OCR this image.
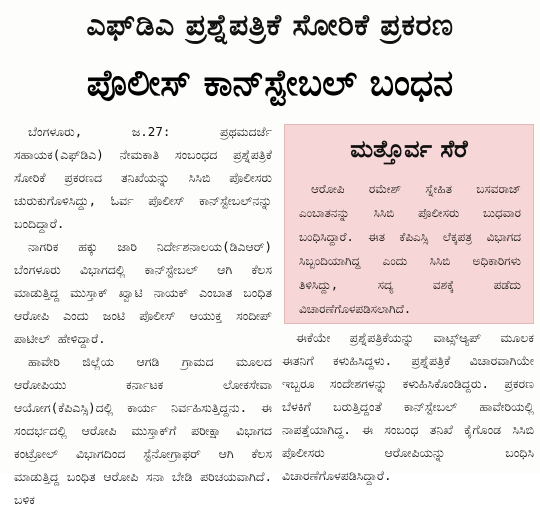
ಎಫ್‌ಡಿಎ ಪ್ರಶ್ನೆಪತ್ರಿಕೆ ಸೋರಿಕೆ ಪ್ರಕರಣ
ಪೊಲೀಸ್ ಕಾನ್‌ಸ್ಟೇಬಲ್ ಬಂಧನ

ಬೆಂಗಳೂರು, ಜ.27: ಪ್ರಥಮದರ್ಜೆ ಸಹಾಯಕ(ಎಫ್‌ಡಿಎ) ನೇಮಕಾತಿ ಸಂಬಂಧದ ಪ್ರಶ್ನೆಪತ್ರಿಕೆ ಸೋರಿಕೆ ಪ್ರಕರಣದ ತನಿಖೆಯನ್ನು ಸಿಸಿಬಿ ಪೊಲೀಸರು ಚುರುಕುಗೊಳಿಸಿದ್ದು, ಓರ್ವ ಪೊಲೀಸ್ ಕಾನ್‌ಸ್ಟೇಬಲ್‌ನನ್ನು ಬಂದಿದ್ದಾರೆ.

ನಾಗರಿಕ ಹಕ್ಕು ಜಾರಿ ನಿರ್ದೇಶನಾಲಯ(ಡಿಎಆರ್) ಬೆಂಗಳೂರು ವಿಭಾಗದಲ್ಲಿ ಕಾನ್‌ಸ್ಟೇಬಲ್ ಆಗಿ ಕೆಲಸ ಮಾಡುತ್ತಿದ್ದ ಮುಸ್ತಾಕ್ ಖ್ವಾಟಿ ನಾಯಕ್ ಎಂಬಾತ ಬಂಧಿತ ಆರೋಪಿ ಎಂದು ಜಂಟಿ ಪೊಲೀಸ್ ಆಯುಕ್ತ ಸಂದೀಪ್ ಪಾಟೀಲ್ ಹೇಳಿದ್ದಾರೆ.

ಹಾವೇರಿ ಜಿಲ್ಲೆಯ ಆಗಡಿ ಗ್ರಾಮದ ಮೂಲದ ಆರೋಪಿಯು ಕರ್ನಾಟಕ ಲೋಕಸೇವಾ ಆಯೋಗ(ಕೆಪಿಎಸ್ಸಿ)ದಲ್ಲಿ ಕಾರ್ಯ ನಿರ್ವಹಿಸುತ್ತಿದ್ದನು. ಈ ಸಂದರ್ಭದಲ್ಲಿ ಆರೋಪಿ ಮುಸ್ತಾಕ್‌ಗೆ ಪರೀಕ್ಷಾ ವಿಭಾಗದ ಕಂಟ್ರೋಲ್ ವಿಭಾಗದಿಂದ ಸ್ಟೆನೋಗ್ರಾಫರ್ ಆಗಿ ಕೆಲಸ ಮಾಡುತ್ತಿದ್ದ ಬಂಧಿತ ಆರೋಪಿ ಸನಾ ಬೇಡಿ ಪರಿಚಯವಾಗಿದೆ. ಬಳಿಕ

ಮತ್ತೊರ್ವ ಸೆರೆ
ಆರೋಪಿ ರಮೇಶ್ ಸ್ನೇಹಿತ ಬಸವರಾಜ್ ಎಂಬಾತನನ್ನು ಸಿಸಿಬಿ ಪೊಲೀಸರು ಬುಧವಾರ ಬಂಧಿಸಿದ್ದಾರೆ. ಈತ ಕೆಪಿಎಸ್ಸಿ ಲೆಕ್ಕಪತ್ರ ವಿಭಾಗದ ಸಿಬ್ಬಂದಿಯಾಗಿದ್ದ ಎಂದು ಸಿಸಿಬಿ ಅಧಿಕಾರಿಗಳು ತಿಳಿಸಿದ್ದು, ಸದ್ಯ ವಶಕ್ಕೆ ಪಡೆದು ವಿಚಾರಣೆಗೊಳಪಡಿಸಲಾಗಿದೆ.
ಈಕೆಯೇ ಪ್ರಶ್ನೆಪತ್ರಿಕೆಯನ್ನು ವಾಟ್ಸ್‌ಆ್ಯಪ್ ಮೂಲಕ ಈತನಿಗೆ ಕಳುಹಿಸಿದ್ದಳು. ಪ್ರಶ್ನೆಪತ್ರಿಕೆ ವಿಚಾರವಾಗಿಯೇ ಇಬ್ಬರೂ ಸಂದೇಶಗಳನ್ನು ಕಳುಹಿಸಿಕೊಂಡಿದ್ದರು. ಪ್ರಕರಣ ಬೆಳಕಿಗೆ ಬರುತ್ತಿದ್ದಂತೆ ಕಾನ್‌ಸ್ಟೇಬಲ್ ಹಾವೇರಿಯಲ್ಲಿ ನಾಪತ್ತೆಯಾಗಿದ್ದ. ಈ ಸಂಬಂಧ ತನಿಖೆ ಕೈಗೊಂಡ ಸಿಸಿಬಿ ಪೊಲೀಸರು ಆರೋಪಿಯನ್ನು ಬಂಧಿಸಿ ವಿಚಾರಣೆಗೊಳಪಡಿಸಿದ್ದಾರೆ.
